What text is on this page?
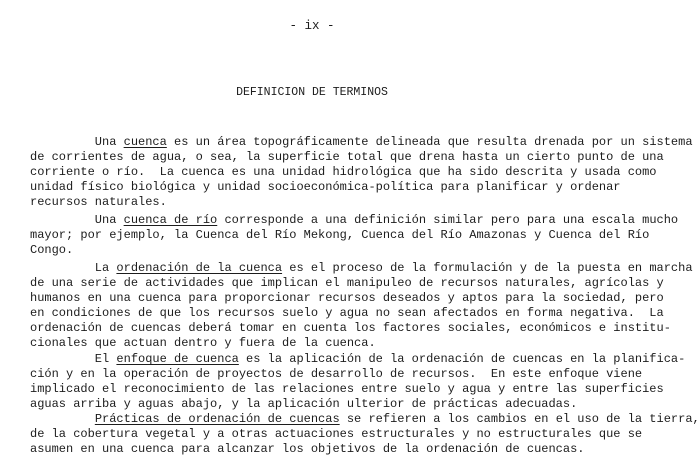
- ix -
DEFINICION DE TERMINOS

Una cuenca es un área topográficamente delineada que resulta drenada por un sistema
de corrientes de agua, o sea, la superficie total que drena hasta un cierto punto de una
corriente o río.  La cuenca es una unidad hidrológica que ha sido descrita y usada como
unidad físico biológica y unidad socioeconómica-política para planificar y ordenar
recursos naturales.

Una cuenca de río corresponde a una definición similar pero para una escala mucho
mayor; por ejemplo, la Cuenca del Río Mekong, Cuenca del Río Amazonas y Cuenca del Río
Congo.

La ordenación de la cuenca es el proceso de la formulación y de la puesta en marcha
de una serie de actividades que implican el manipuleo de recursos naturales, agrícolas y
humanos en una cuenca para proporcionar recursos deseados y aptos para la sociedad, pero
en condiciones de que los recursos suelo y agua no sean afectados en forma negativa.  La
ordenación de cuencas deberá tomar en cuenta los factores sociales, económicos e institu-
cionales que actuan dentro y fuera de la cuenca.

El enfoque de cuenca es la aplicación de la ordenación de cuencas en la planifica-
ción y en la operación de proyectos de desarrollo de recursos.  En este enfoque viene
implicado el reconocimiento de las relaciones entre suelo y agua y entre las superficies
aguas arriba y aguas abajo, y la aplicación ulterior de prácticas adecuadas.

Prácticas de ordenación de cuencas se refieren a los cambios en el uso de la tierra,
de la cobertura vegetal y a otras actuaciones estructurales y no estructurales que se
asumen en una cuenca para alcanzar los objetivos de la ordenación de cuencas.
